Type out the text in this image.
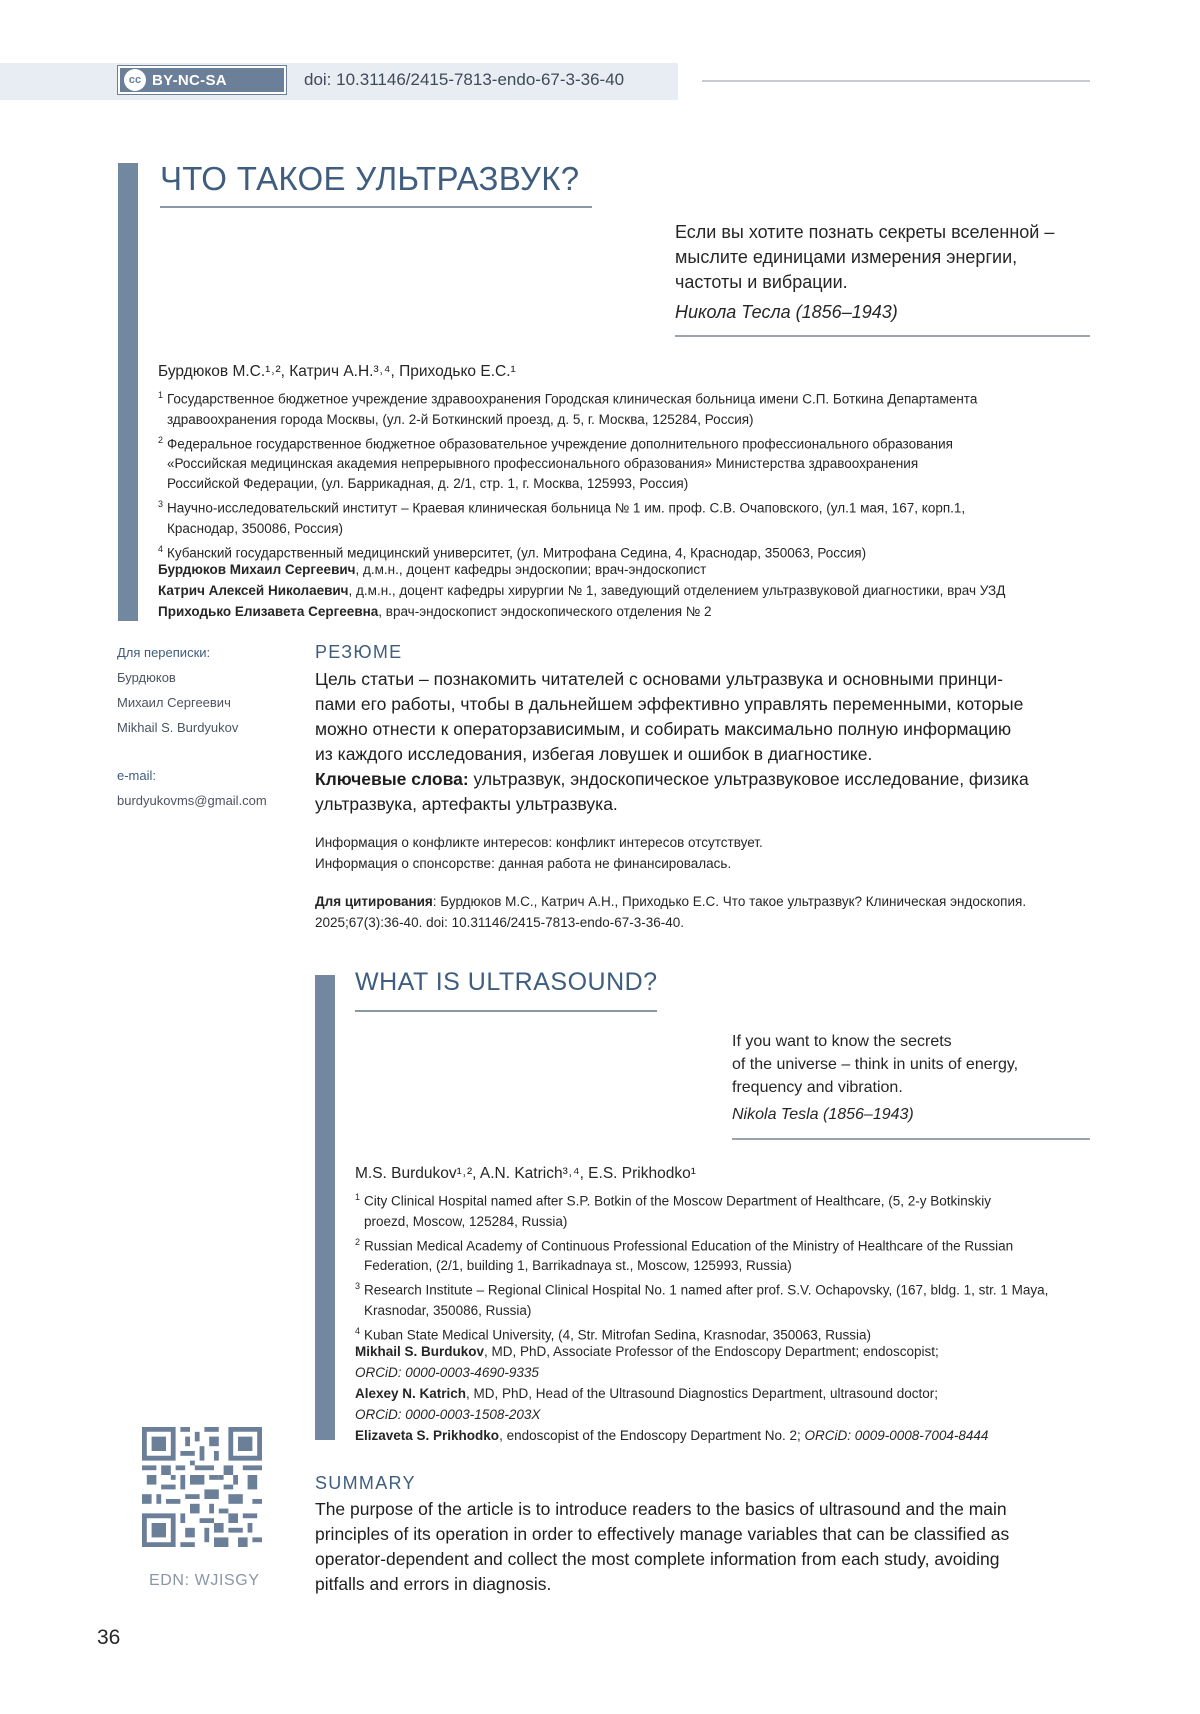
cc BY-NC-SA	doi: 10.31146/2415-7813-endo-67-3-36-40
ЧТО ТАКОЕ УЛЬТРАЗВУК?
Если вы хотите познать секреты вселенной –
мыслите единицами измерения энергии,
частоты и вибрации.
Никола Тесла (1856–1943)
Бурдюков М.С.¹˒², Катрич А.Н.³˒⁴, Приходько Е.С.¹
$^1$ Государственное бюджетное учреждение здравоохранения Городская клиническая больница имени С.П. Боткина Департамента
здравоохранения города Москвы, (ул. 2-й Боткинский проезд, д. 5, г. Москва, 125284, Россия)
$^2$ Федеральное государственное бюджетное образовательное учреждение дополнительного профессионального образования
«Российская медицинская академия непрерывного профессионального образования» Министерства здравоохранения
Российской Федерации, (ул. Баррикадная, д. 2/1, стр. 1, г. Москва, 125993, Россия)
$^3$ Научно-исследовательский институт – Краевая клиническая больница № 1 им. проф. С.В. Очаповского, (ул.1 мая, 167, корп.1,
Краснодар, 350086, Россия)
$^4$ Кубанский государственный медицинский университет, (ул. Митрофана Седина, 4, Краснодар, 350063, Россия)
Бурдюков Михаил Сергеевич, д.м.н., доцент кафедры эндоскопии; врач-эндоскопист
Катрич Алексей Николаевич, д.м.н., доцент кафедры хирургии № 1, заведующий отделением ультразвуковой диагностики, врач УЗД
Приходько Елизавета Сергеевна, врач-эндоскопист эндоскопического отделения № 2
Для переписки:
Бурдюков
Михаил Сергеевич
Mikhail S. Burdyukov
e-mail:
burdyukovms@gmail.com
РЕЗЮМЕ
Цель статьи – познакомить читателей с основами ультразвука и основными принци-
пами его работы, чтобы в дальнейшем эффективно управлять переменными, которые
можно отнести к операторзависимым, и собирать максимально полную информацию
из каждого исследования, избегая ловушек и ошибок в диагностике.
Ключевые слова: ультразвук, эндоскопическое ультразвуковое исследование, физика
ультразвука, артефакты ультразвука.
Информация о конфликте интересов: конфликт интересов отсутствует.
Информация о спонсорстве: данная работа не финансировалась.
Для цитирования: Бурдюков М.С., Катрич А.Н., Приходько Е.С. Что такое ультразвук? Клиническая эндоскопия.
2025;67(3):36-40. doi: 10.31146/2415-7813-endo-67-3-36-40.
WHAT IS ULTRASOUND?
If you want to know the secrets
of the universe – think in units of energy,
frequency and vibration.
Nikola Tesla (1856–1943)
M.S. Burdukov¹˒², A.N. Katrich³˒⁴, E.S. Prikhodko¹
$^1$ City Clinical Hospital named after S.P. Botkin of the Moscow Department of Healthcare, (5, 2-y Botkinskiy
proezd, Moscow, 125284, Russia)
$^2$ Russian Medical Academy of Continuous Professional Education of the Ministry of Healthcare of the Russian
Federation, (2/1, building 1, Barrikadnaya st., Moscow, 125993, Russia)
$^3$ Research Institute – Regional Clinical Hospital No. 1 named after prof. S.V. Ochapovsky, (167, bldg. 1, str. 1 Maya,
Krasnodar, 350086, Russia)
$^4$ Kuban State Medical University, (4, Str. Mitrofan Sedina, Krasnodar, 350063, Russia)
Mikhail S. Burdukov, MD, PhD, Associate Professor of the Endoscopy Department; endoscopist;
ORCiD: 0000-0003-4690-9335
Alexey N. Katrich, MD, PhD, Head of the Ultrasound Diagnostics Department, ultrasound doctor;
ORCiD: 0000-0003-1508-203X
Elizaveta S. Prikhodko, endoscopist of the Endoscopy Department No. 2; ORCiD: 0009-0008-7004-8444
SUMMARY
The purpose of the article is to introduce readers to the basics of ultrasound and the main
principles of its operation in order to effectively manage variables that can be classified as
operator-dependent and collect the most complete information from each study, avoiding
pitfalls and errors in diagnosis.
EDN: WJISGY
36
